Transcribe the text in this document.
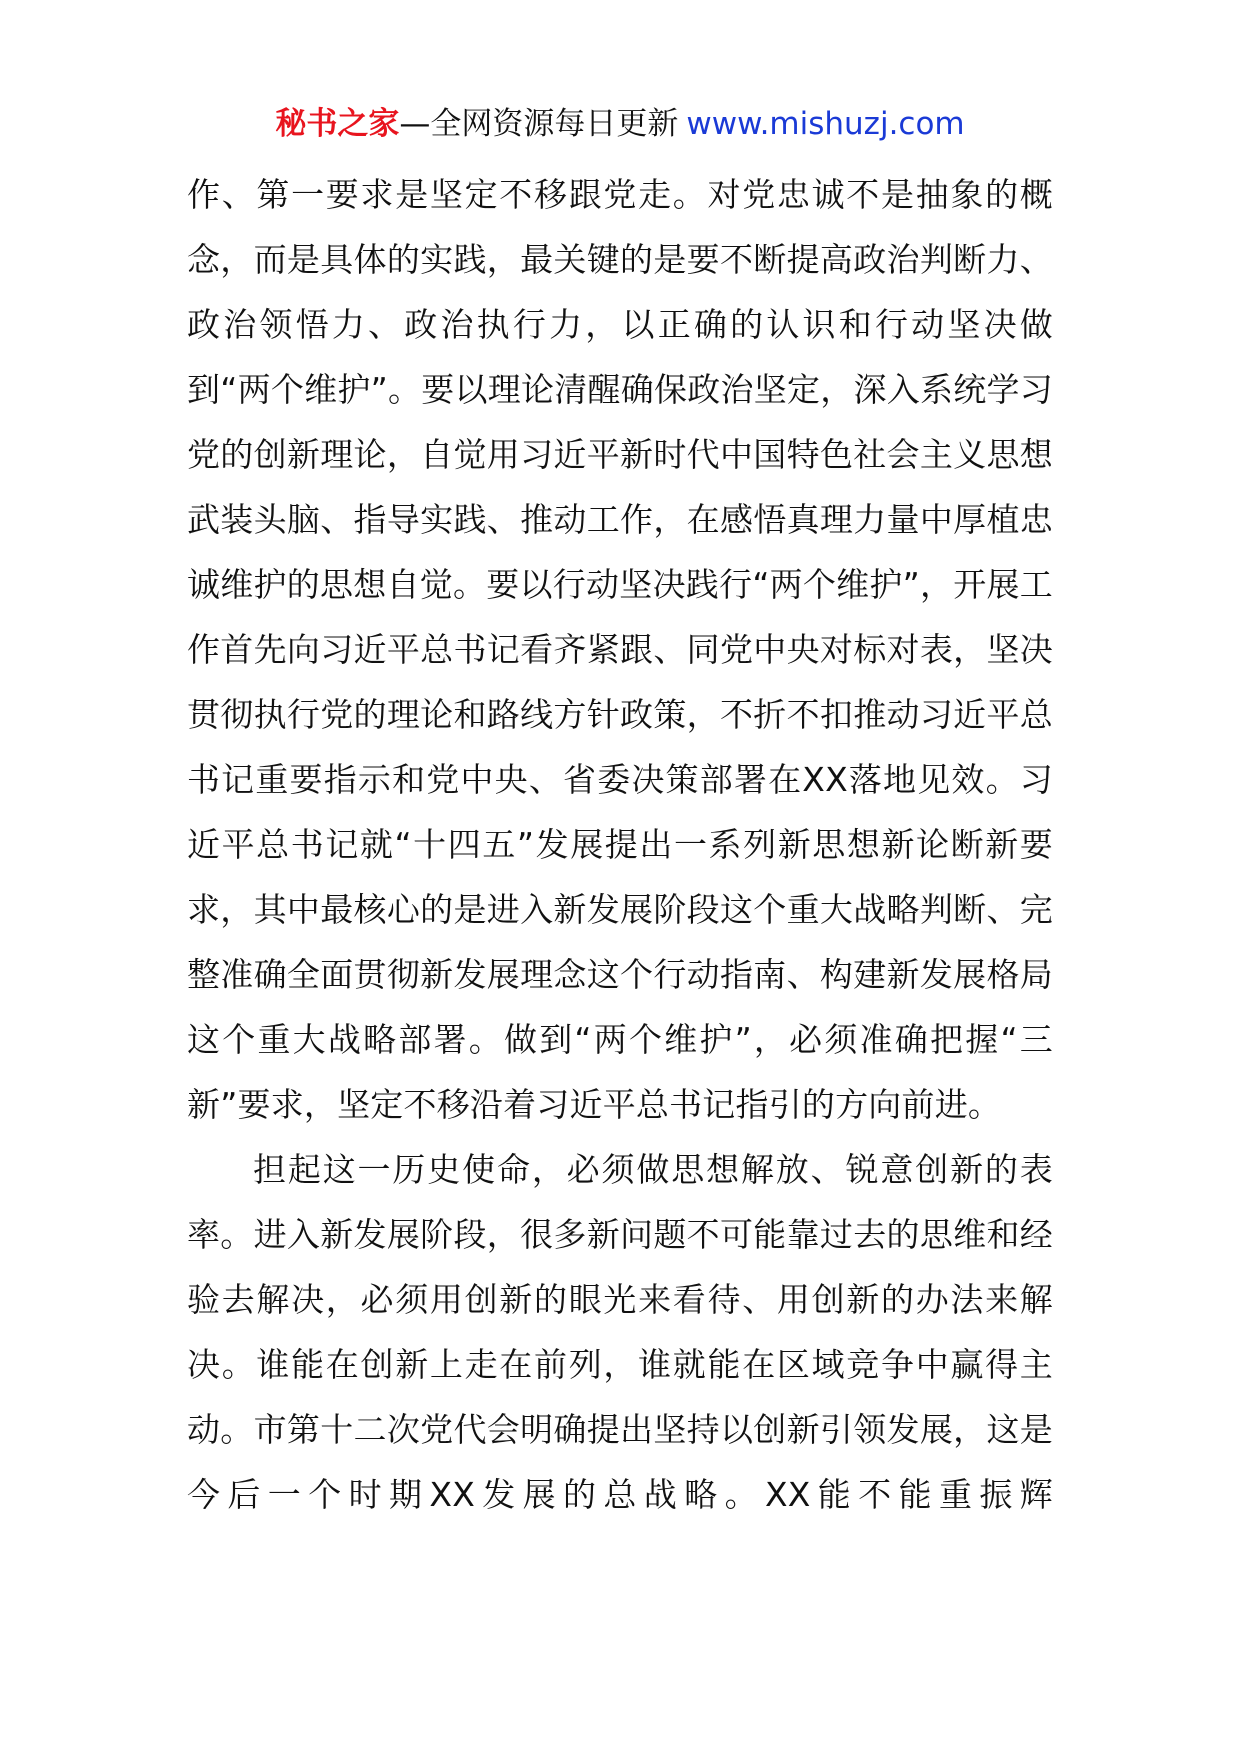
秘书之家—全网资源每日更新 www.mishuzj.com

作、第一要求是坚定不移跟党走。对党忠诚不是抽象的概念，而是具体的实践，最关键的是要不断提高政治判断力、政治领悟力、政治执行力，以正确的认识和行动坚决做到“两个维护”。要以理论清醒确保政治坚定，深入系统学习党的创新理论，自觉用习近平新时代中国特色社会主义思想武装头脑、指导实践、推动工作，在感悟真理力量中厚植忠诚维护的思想自觉。要以行动坚决践行“两个维护”，开展工作首先向习近平总书记看齐紧跟、同党中央对标对表，坚决贯彻执行党的理论和路线方针政策，不折不扣推动习近平总书记重要指示和党中央、省委决策部署在XX落地见效。习近平总书记就“十四五”发展提出一系列新思想新论断新要求，其中最核心的是进入新发展阶段这个重大战略判断、完整准确全面贯彻新发展理念这个行动指南、构建新发展格局这个重大战略部署。做到“两个维护”，必须准确把握“三新”要求，坚定不移沿着习近平总书记指引的方向前进。

担起这一历史使命，必须做思想解放、锐意创新的表率。进入新发展阶段，很多新问题不可能靠过去的思维和经验去解决，必须用创新的眼光来看待、用创新的办法来解决。谁能在创新上走在前列，谁就能在区域竞争中赢得主动。市第十二次党代会明确提出坚持以创新引领发展，这是今后一个时期XX发展的总战略。XX能不能重振辉
